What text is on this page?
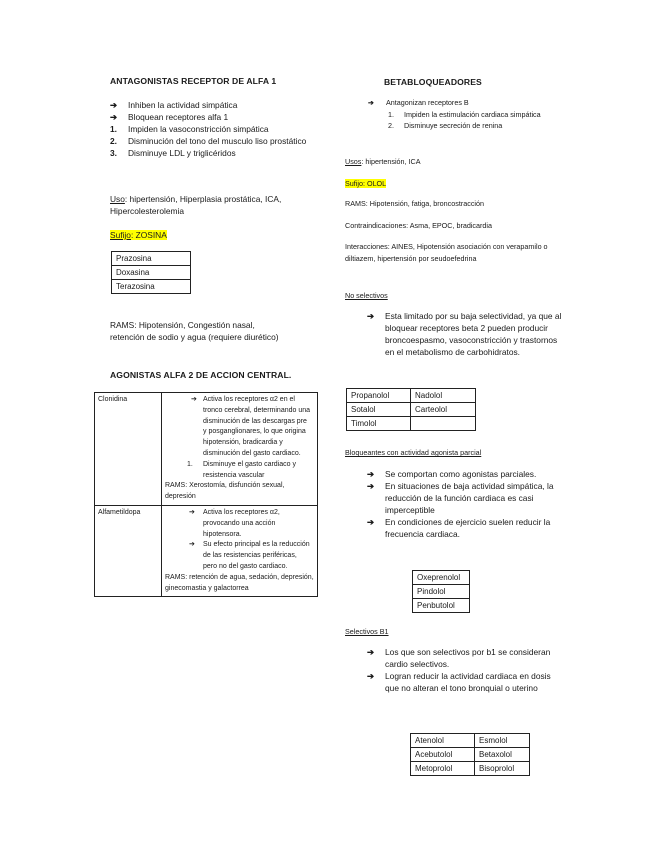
ANTAGONISTAS RECEPTOR DE ALFA 1
➔ Inhiben la actividad simpática
➔ Bloquean receptores alfa 1
1. Impiden la vasoconstricción simpática
2. Disminución del tono del musculo liso prostático
3. Disminuye LDL y triglicéridos
Uso: hipertensión, Hiperplasia prostática, ICA, Hipercolesterolemia
Sufijo: ZOSINA
Prazosina
Doxasina
Terazosina
RAMS: Hipotensión, Congestión nasal, retención de sodio y agua (requiere diurético)
AGONISTAS ALFA 2 DE ACCION CENTRAL.
Clonidina	➔ Activa los receptores α2 en el tronco cerebral, determinando una disminución de las descargas pre y posganglionares, lo que origina hipotensión, bradicardia y disminución del gasto cardiaco.
1. Disminuye el gasto cardiaco y resistencia vascular
RAMS: Xerostomía, disfunción sexual, depresión

Alfametildopa	➔ Activa los receptores α2, provocando una acción hipotensora.
➔ Su efecto principal es la reducción de las resistencias periféricas, pero no del gasto cardiaco.
RAMS: retención de agua, sedación, depresión, ginecomastia y galactorrea
BETABLOQUEADORES
➔ Antagonizan receptores B
1. Impiden la estimulación cardiaca simpática
2. Disminuye secreción de renina
Usos: hipertensión, ICA
Sufijo: OLOL
RAMS: Hipotensión, fatiga, broncostracción
Contraindicaciones: Asma, EPOC, bradicardia
Interacciones: AINES, Hipotensión asociación con verapamilo o diltiazem, hipertensión por seudoefedrina
No selectivos
➔ Esta limitado por su baja selectividad, ya que al bloquear receptores beta 2 pueden producir broncoespasmo, vasoconstricción y trastornos en el metabolismo de carbohidratos.
Propanolol	Nadolol
Sotalol	Carteolol
Timolol	
Bloqueantes con actividad agonista parcial
➔ Se comportan como agonistas parciales.
➔ En situaciones de baja actividad simpática, la reducción de la función cardiaca es casi imperceptible
➔ En condiciones de ejercicio suelen reducir la frecuencia cardiaca.
Oxeprenolol
Pindolol
Penbutolol
Selectivos B1
➔ Los que son selectivos por b1 se consideran cardio selectivos.
➔ Logran reducir la actividad cardiaca en dosis que no alteran el tono bronquial o uterino
Atenolol	Esmolol
Acebutolol	Betaxolol
Metoprolol	Bisoprolol
